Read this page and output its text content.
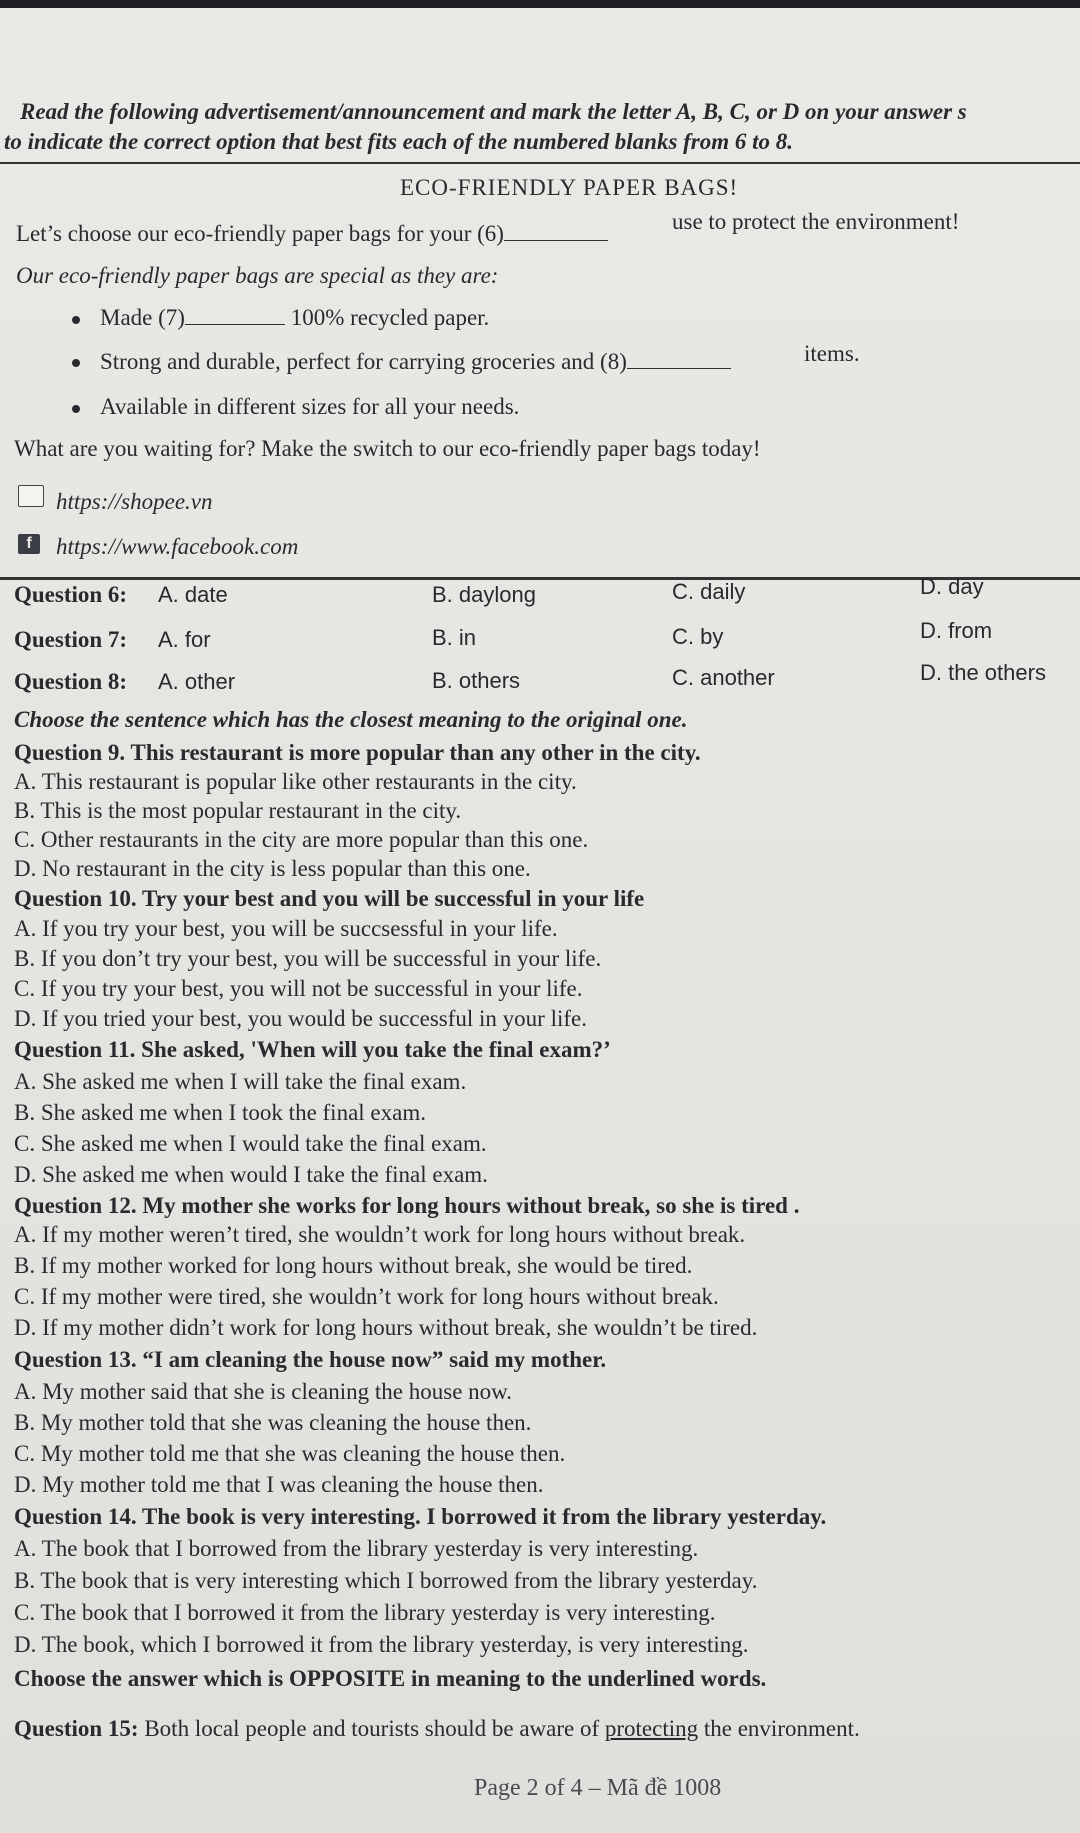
Read the following advertisement/announcement and mark the letter A, B, C, or D on your answer s
to indicate the correct option that best fits each of the numbered blanks from 6 to 8.
ECO-FRIENDLY PAPER BAGS!
Let’s choose our eco-friendly paper bags for your (6)	use to protect the environment!
Our eco-friendly paper bags are special as they are:
Made (7)	100% recycled paper.
Strong and durable, perfect for carrying groceries and (8)	items.
Available in different sizes for all your needs.
What are you waiting for? Make the switch to our eco-friendly paper bags today!
https://shopee.vn
f	https://www.facebook.com
Question 6: A. date	B. daylong	C. daily	D. day
Question 7: A. for	B. in	C. by	D. from
Question 8: A. other	B. others	C. another	D. the others
Choose the sentence which has the closest meaning to the original one.
Question 9. This restaurant is more popular than any other in the city.
A. This restaurant is popular like other restaurants in the city.
B. This is the most popular restaurant in the city.
C. Other restaurants in the city are more popular than this one.
D. No restaurant in the city is less popular than this one.
Question 10. Try your best and you will be successful in your life
A. If you try your best, you will be succsessful in your life.
B. If you don’t try your best, you will be successful in your life.
C. If you try your best, you will not be successful in your life.
D. If you tried your best, you would be successful in your life.
Question 11. She asked, 'When will you take the final exam?’
A. She asked me when I will take the final exam.
B. She asked me when I took the final exam.
C. She asked me when I would take the final exam.
D. She asked me when would I take the final exam.
Question 12. My mother she works for long hours without break, so she is tired .
A. If my mother weren’t tired, she wouldn’t work for long hours without break.
B. If my mother worked for long hours without break, she would be tired.
C. If my mother were tired, she wouldn’t work for long hours without break.
D. If my mother didn’t work for long hours without break, she wouldn’t be tired.
Question 13. “I am cleaning the house now” said my mother.
A. My mother said that she is cleaning the house now.
B. My mother told that she was cleaning the house then.
C. My mother told me that she was cleaning the house then.
D. My mother told me that I was cleaning the house then.
Question 14. The book is very interesting. I borrowed it from the library yesterday.
A. The book that I borrowed from the library yesterday is very interesting.
B. The book that is very interesting which I borrowed from the library yesterday.
C. The book that I borrowed it from the library yesterday is very interesting.
D. The book, which I borrowed it from the library yesterday, is very interesting.
Choose the answer which is OPPOSITE in meaning to the underlined words.
Question 15: Both local people and tourists should be aware of protecting the environment.
Page 2 of 4 – Mã đề 1008
